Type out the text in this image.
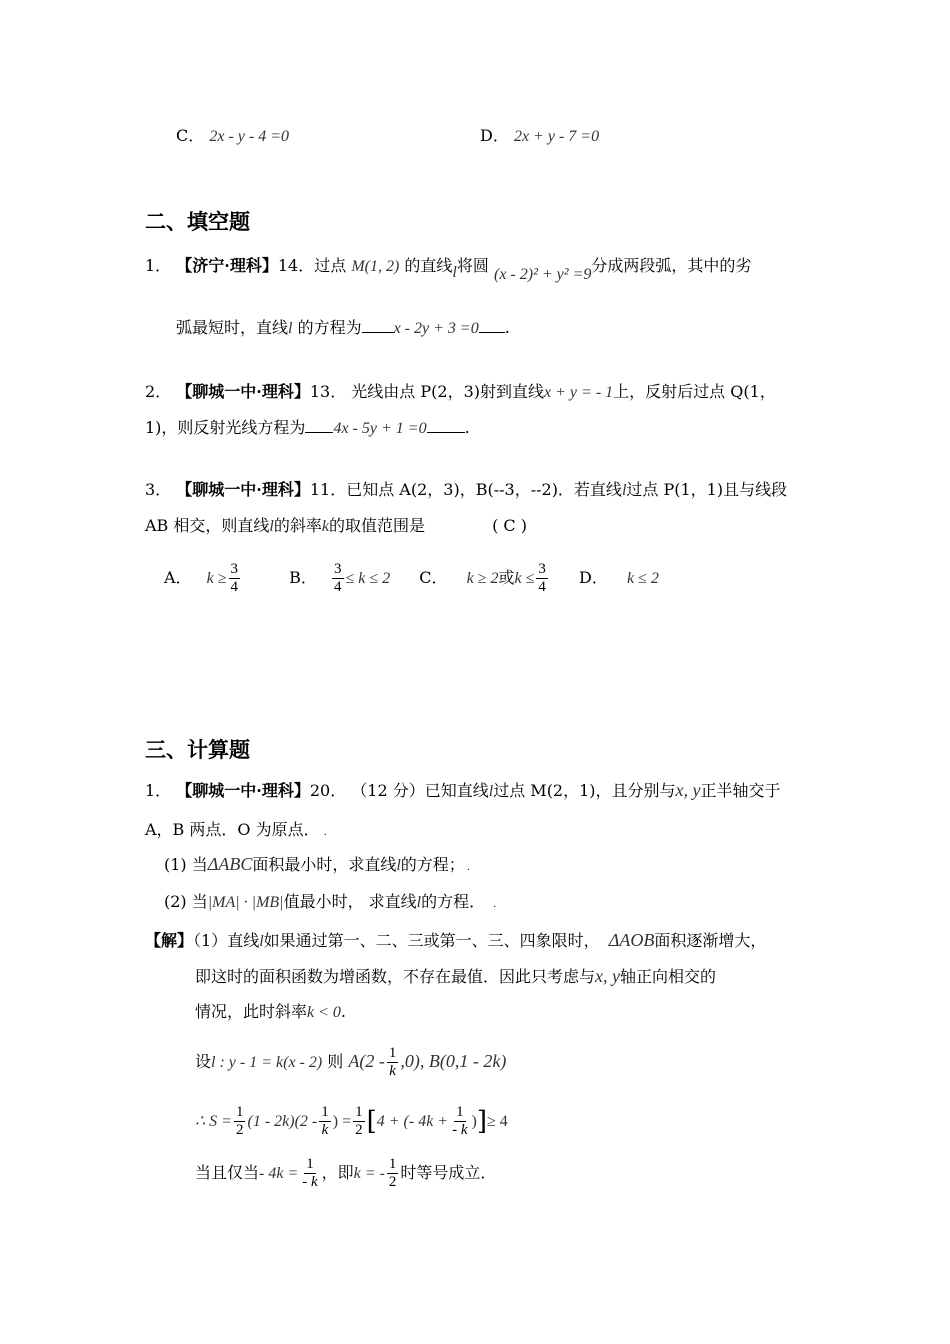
C． 2x - y - 4 =0	D． 2x + y - 7 =0
二、填空题
1． 【济宁·理科】14．过点 M(1, 2) 的直线l将圆 (x - 2)² + y² =9分成两段弧，其中的劣
弧最短时，直线l 的方程为 x - 2y + 3 =0 .
2． 【聊城一中·理科】13． 光线由点 P(2，3)射到直线x + y = - 1上，反射后过点 Q(1，
1)，则反射光线方程为 4x - 5y + 1 =0 .
3． 【聊城一中·理科】11．已知点 A(2，3)，B(--3，--2)．若直线l过点 P(1，1)且与线段
AB 相交，则直线l的斜率k的取值范围是	( C )
A． $k \ge \frac{3}{4}$	B． $\frac{3}{4} \le k \le 2$ C． k ≥ 2或$k \le \frac{3}{4}$ D． k ≤ 2
三、计算题
1． 【聊城一中·理科】20． （12 分）已知直线l过点 M(2，1)，且分别与x, y正半轴交于
A，B 两点．O 为原点． .
(1) 当ΔABC面积最小时，求直线l的方程； .
(2) 当|MA| · |MB|值最小时， 求直线l的方程． .
【解】（1）直线l如果通过第一、二、三或第一、三、四象限时， ΔAOB面积逐渐增大，
即这时的面积函数为增函数，不存在最值．因此只考虑与x, y轴正向相交的
情况，此时斜率k < 0.
设l : y - 1 = k(x - 2) 则 $A(2 - \frac{1}{k} ,0)$, B(0,1 - 2k)
∴ $S = \frac{1}{2} (1 - 2k)(2 - \frac{1}{k}$ ) = $\frac{1}{2} [4$ + (- $4k + \frac{1}{- k}$ )]≥ 4
当且仅当- $4k = \frac{1}{- k}$ ，即k = - $\frac{1}{2}$ 时等号成立．
